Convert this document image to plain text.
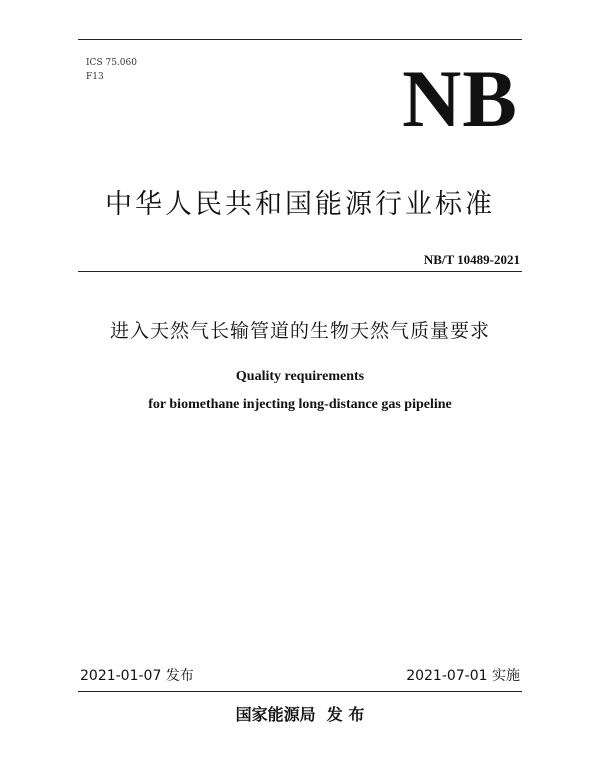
ICS 75.060
F13	NB
中华人民共和国能源行业标准
NB/T 10489-2021
进入天然气长输管道的生物天然气质量要求
Quality requirements
for biomethane injecting long-distance gas pipeline
2021-01-07 发布	2021-07-01 实施
国家能源局  发 布
